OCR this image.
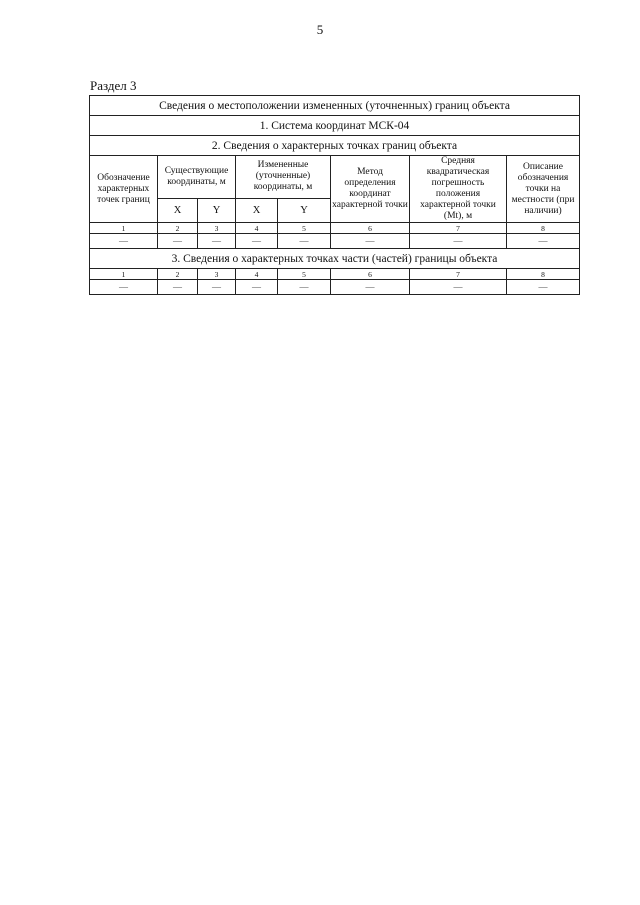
5
Раздел 3
Сведения о местоположении измененных (уточненных) границ объекта							
1. Система координат МСК-04							
2. Сведения о характерных точках границ объекта							
Обозначение характерных точек границ	Существующие координаты, м		Измененные (уточненные) координаты, м		Метод определения координат характерной точки	Средняя квадратическая погрешность положения характерной точки (Mt), м	Описание обозначения точки на местности (при наличии)
	X	Y	X	Y			
1	2	3	4	5	6	7	8
—	—	—	—	—	—	—	—
3. Сведения о характерных точках части (частей) границы объекта							
1	2	3	4	5	6	7	8
—	—	—	—	—	—	—	—
